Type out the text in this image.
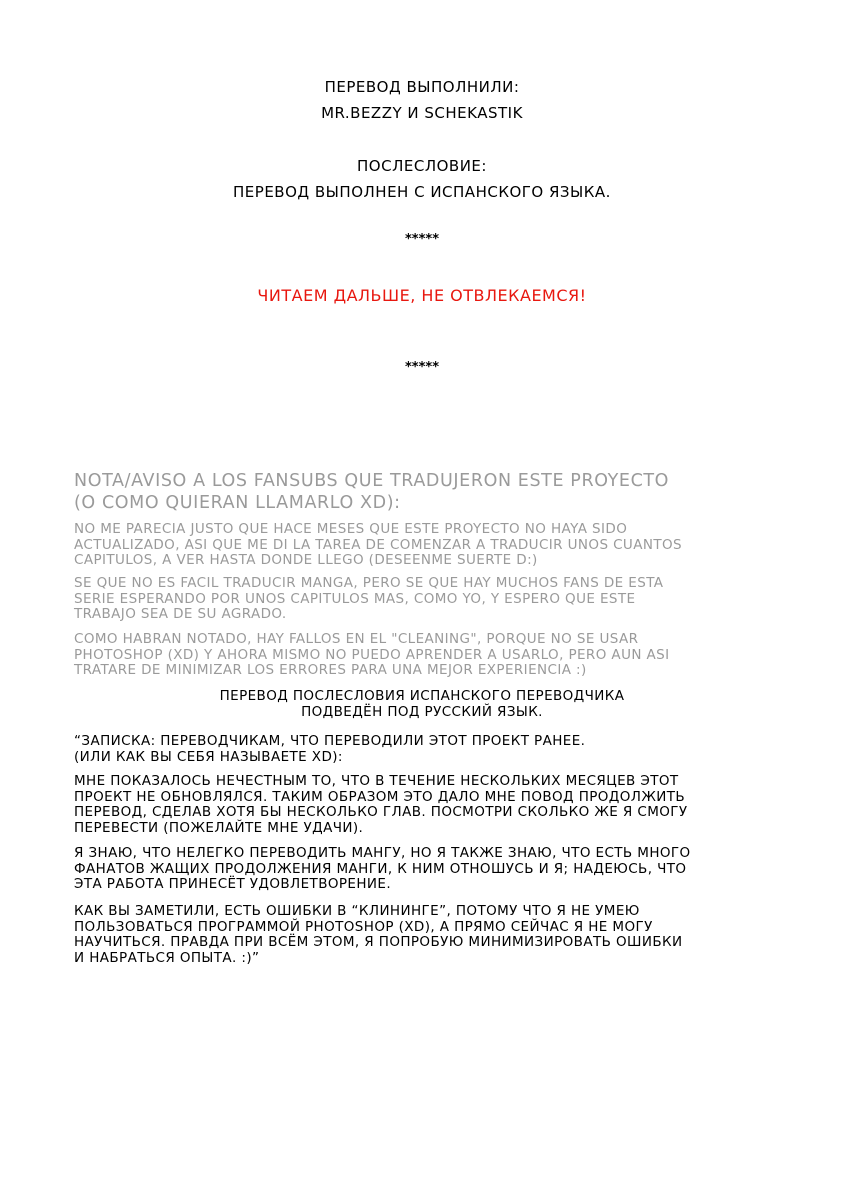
ПЕРЕВОД ВЫПОЛНИЛИ:
MR.BEZZY И SCHEKASTIK
ПОСЛЕСЛОВИЕ:
ПЕРЕВОД ВЫПОЛНЕН С ИСПАНСКОГО ЯЗЫКА.
*****
ЧИТАЕМ ДАЛЬШЕ, НЕ ОТВЛЕКАЕМСЯ!
*****
NOTA/AVISO A LOS FANSUBS QUE TRADUJERON ESTE PROYECTO
(O COMO QUIERAN LLAMARLO XD):
NO ME PARECIA JUSTO QUE HACE MESES QUE ESTE PROYECTO NO HAYA SIDO
ACTUALIZADO, ASI QUE ME DI LA TAREA DE COMENZAR A TRADUCIR UNOS CUANTOS
CAPITULOS, A VER HASTA DONDE LLEGO (DESEENME SUERTE D:)
SE QUE NO ES FACIL TRADUCIR MANGA, PERO SE QUE HAY MUCHOS FANS DE ESTA
SERIE ESPERANDO POR UNOS CAPITULOS MAS, COMO YO, Y ESPERO QUE ESTE
TRABAJO SEA DE SU AGRADO.
COMO HABRAN NOTADO, HAY FALLOS EN EL "CLEANING", PORQUE NO SE USAR
PHOTOSHOP (XD) Y AHORA MISMO NO PUEDO APRENDER A USARLO, PERO AUN ASI
TRATARE DE MINIMIZAR LOS ERRORES PARA UNA MEJOR EXPERIENCIA :)
ПЕРЕВОД ПОСЛЕСЛОВИЯ ИСПАНСКОГО ПЕРЕВОДЧИКА
ПОДВЕДЁН ПОД РУССКИЙ ЯЗЫК.
“ЗАПИСКА: ПЕРЕВОДЧИКАМ, ЧТО ПЕРЕВОДИЛИ ЭТОТ ПРОЕКТ РАНЕЕ.
(ИЛИ КАК ВЫ СЕБЯ НАЗЫВАЕТЕ XD):
МНЕ ПОКАЗАЛОСЬ НЕЧЕСТНЫМ ТО, ЧТО В ТЕЧЕНИЕ НЕСКОЛЬКИХ МЕСЯЦЕВ ЭТОТ
ПРОЕКТ НЕ ОБНОВЛЯЛСЯ. ТАКИМ ОБРАЗОМ ЭТО ДАЛО МНЕ ПОВОД ПРОДОЛЖИТЬ
ПЕРЕВОД, СДЕЛАВ ХОТЯ БЫ НЕСКОЛЬКО ГЛАВ. ПОСМОТРИ СКОЛЬКО ЖЕ Я СМОГУ
ПЕРЕВЕСТИ (ПОЖЕЛАЙТЕ МНЕ УДАЧИ).
Я ЗНАЮ, ЧТО НЕЛЕГКО ПЕРЕВОДИТЬ МАНГУ, НО Я ТАКЖЕ ЗНАЮ, ЧТО ЕСТЬ МНОГО
ФАНАТОВ ЖАЩИХ ПРОДОЛЖЕНИЯ МАНГИ, К НИМ ОТНОШУСЬ И Я; НАДЕЮСЬ, ЧТО
ЭТА РАБОТА ПРИНЕСЁТ УДОВЛЕТВОРЕНИЕ.
КАК ВЫ ЗАМЕТИЛИ, ЕСТЬ ОШИБКИ В “КЛИНИНГЕ”, ПОТОМУ ЧТО Я НЕ УМЕЮ
ПОЛЬЗОВАТЬСЯ ПРОГРАММОЙ PHOTOSHOP (XD), А ПРЯМО СЕЙЧАС Я НЕ МОГУ
НАУЧИТЬСЯ. ПРАВДА ПРИ ВСЁМ ЭТОМ, Я ПОПРОБУЮ МИНИМИЗИРОВАТЬ ОШИБКИ
И НАБРАТЬСЯ ОПЫТА. :)”
